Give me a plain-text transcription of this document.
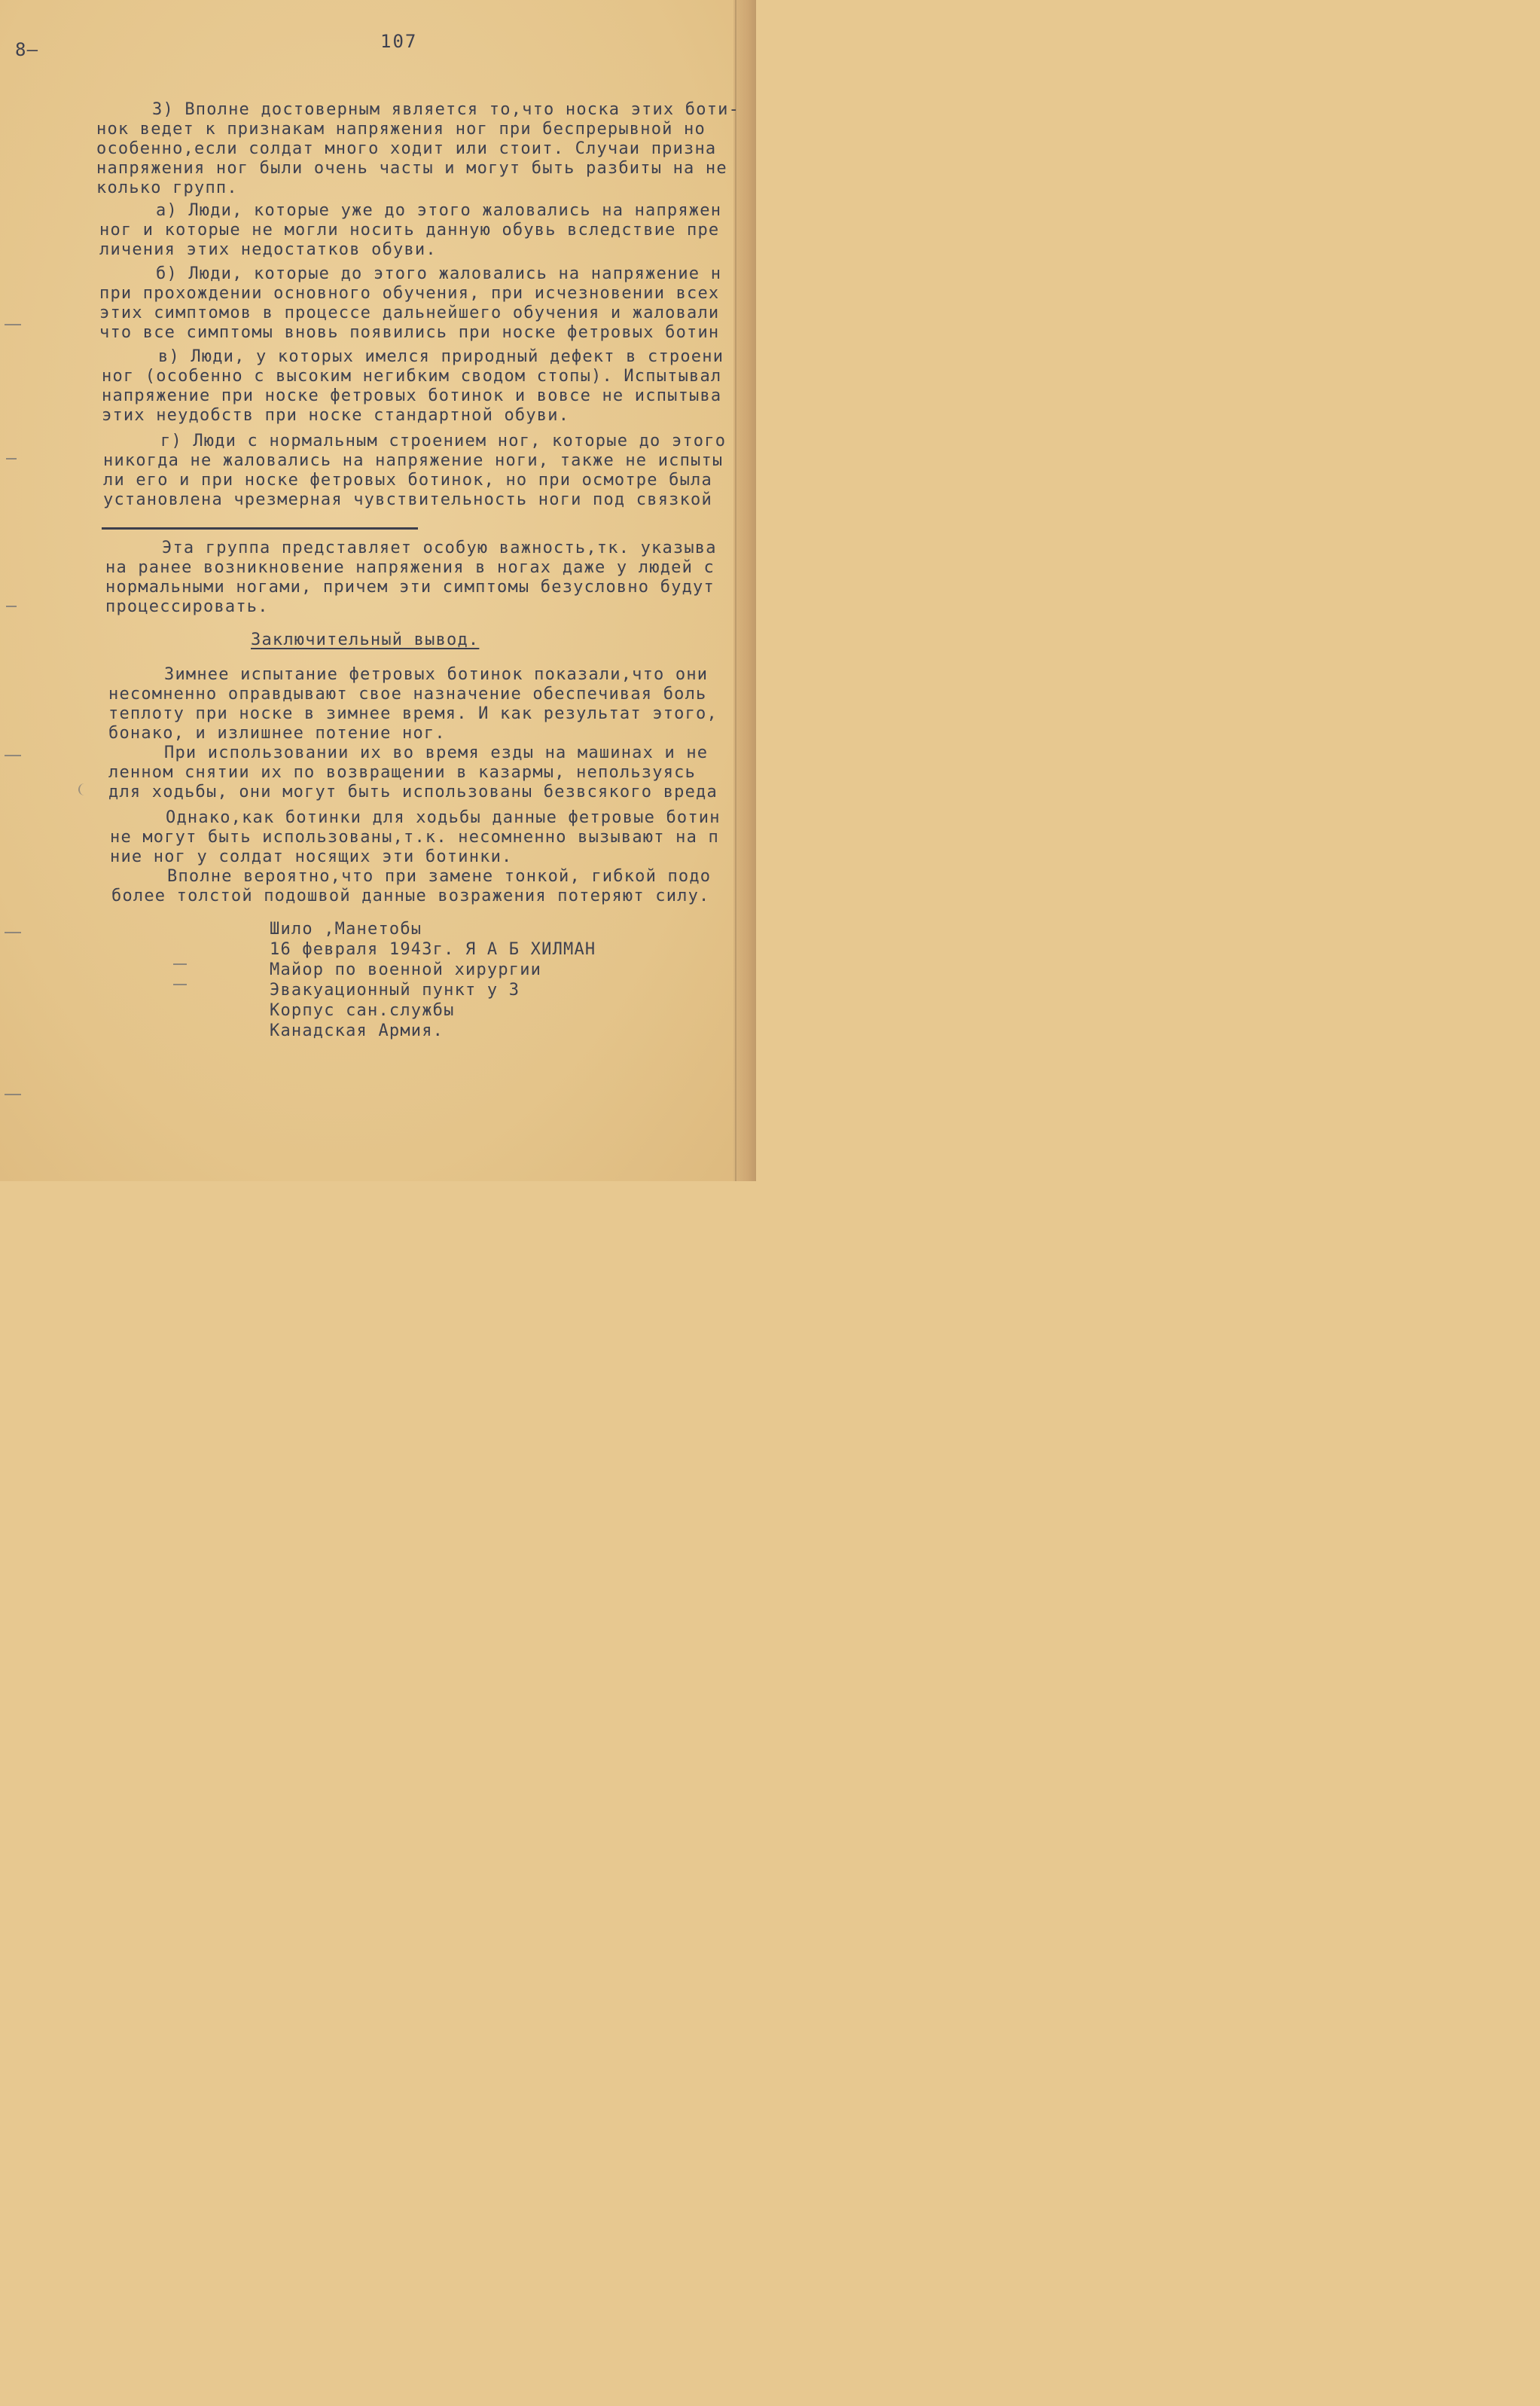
8–	107
3) Вполне достоверным является то,что носка этих боти-
нок ведет к признакам напряжения ног при беспрерывной но
особенно,если солдат много ходит или стоит. Случаи призна
напряжения ног были очень часты и могут быть разбиты на не
колько групп.
а) Люди, которые уже до этого жаловались на напряжен
ног и которые не могли носить данную обувь вследствие пре
личения этих недостатков обуви.
б) Люди, которые до этого жаловались на напряжение н
при прохождении основного обучения, при исчезновении всех
этих симптомов в процессе дальнейшего обучения и жаловали
что все симптомы вновь появились при носке фетровых ботин
в) Люди, у которых имелся природный дефект в строени
ног (особенно с высоким негибким сводом стопы). Испытывал
напряжение при носке фетровых ботинок и вовсе не испытыва
этих неудобств при носке стандартной обуви.
г) Люди с нормальным строением ног, которые до этого
никогда не жаловались на напряжение ноги, также не испыты
ли его и при носке фетровых ботинок, но при осмотре была
установлена чрезмерная чувствительность ноги под связкой
Эта группа представляет особую важность,тк. указыва
на ранее возникновение напряжения в ногах даже у людей с
нормальными ногами, причем эти симптомы безусловно будут
процессировать.
Заключительный вывод.
Зимнее испытание фетровых ботинок показали,что они
несомненно оправдывают свое назначение обеспечивая боль
теплоту при носке в зимнее время. И как результат этого,
бонако, и излишнее потение ног.
При использовании их во время езды на машинах и не
ленном снятии их по возвращении в казармы, непользуясь
для ходьбы, они могут быть использованы безвсякого вреда
Однако,как ботинки для ходьбы данные фетровые ботин
не могут быть использованы,т.к. несомненно вызывают на п
ние ног у солдат носящих эти ботинки.
Вполне вероятно,что при замене тонкой, гибкой подо
более толстой подошвой данные возражения потеряют силу.
Шило ,Манетобы
16 февраля 1943г. Я А Б ХИЛМАН
Майор по военной хирургии
Эвакуационный пункт у 3
Корпус сан.службы
Канадская Армия.
